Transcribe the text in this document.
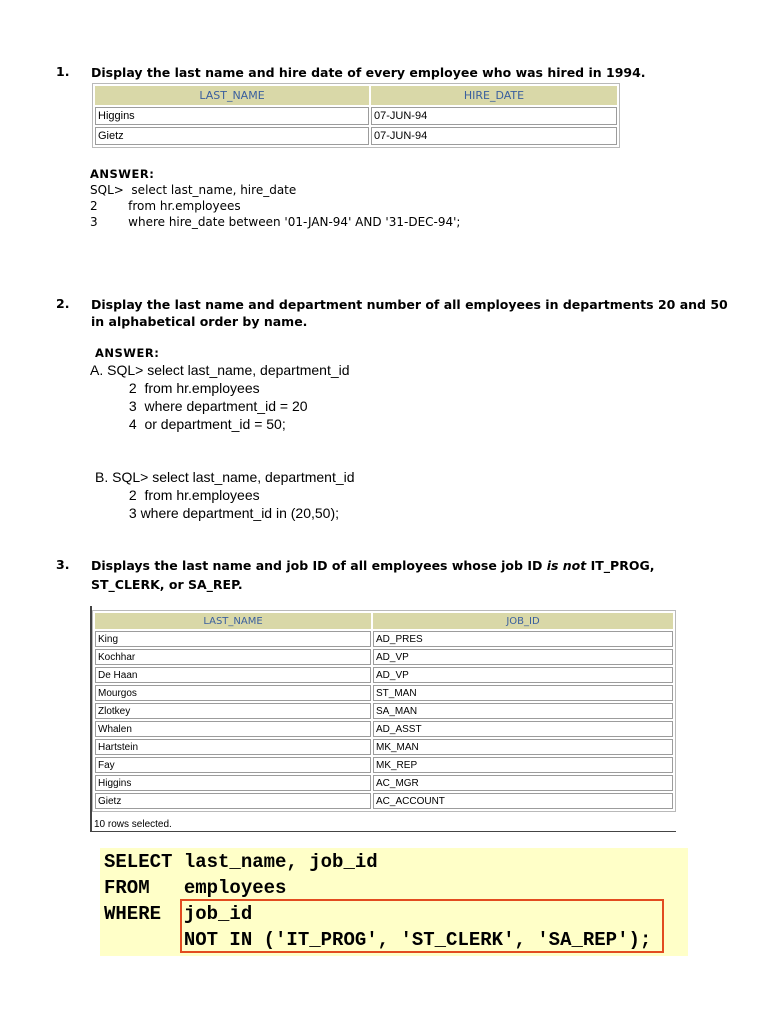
1. Display the last name and hire date of every employee who was hired in 1994.
LAST_NAME	HIRE_DATE
Higgins	07-JUN-94
Gietz	07-JUN-94
ANSWER:
SQL>  select last_name, hire_date
2        from hr.employees
3        where hire_date between '01-JAN-94' AND '31-DEC-94';
2. Display the last name and department number of all employees in departments 20 and 50
in alphabetical order by name.
ANSWER:
A. SQL> select last_name, department_id
2  from hr.employees
3  where department_id = 20
4  or department_id = 50;
B. SQL> select last_name, department_id
2  from hr.employees
3 where department_id in (20,50);
3. Displays the last name and job ID of all employees whose job ID is not IT_PROG,
ST_CLERK, or SA_REP.
LAST_NAME	JOB_ID
King	AD_PRES
Kochhar	AD_VP
De Haan	AD_VP
Mourgos	ST_MAN
Zlotkey	SA_MAN
Whalen	AD_ASST
Hartstein	MK_MAN
Fay	MK_REP
Higgins	AC_MGR
Gietz	AC_ACCOUNT
10 rows selected.
SELECT last_name, job_id
FROM   employees
WHERE  job_id
NOT IN ('IT_PROG', 'ST_CLERK', 'SA_REP');
